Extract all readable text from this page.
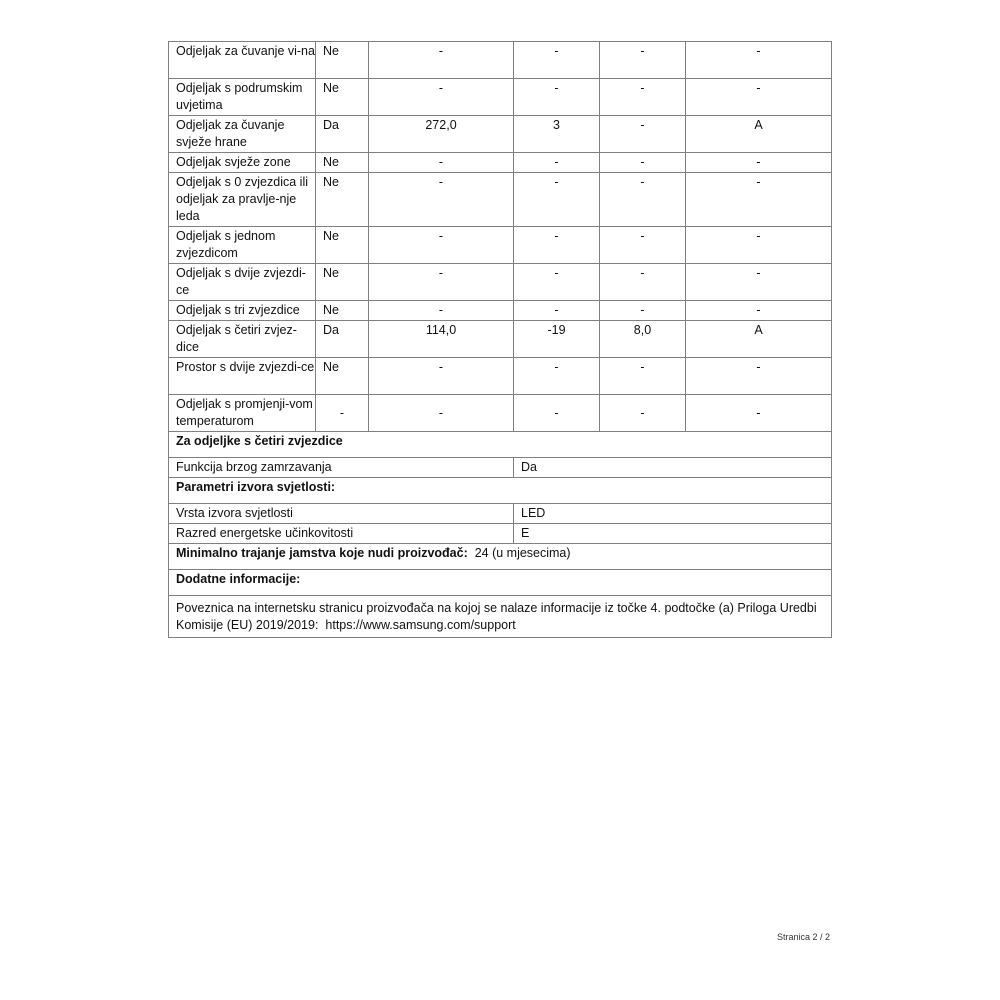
Odjeljak za čuvanje vi-na	Ne	-	-	-	-
Odjeljak s podrumskim uvjetima	Ne	-	-	-	-
Odjeljak za čuvanje svježe hrane	Da	272,0	3	-	A
Odjeljak svježe zone	Ne	-	-	-	-
Odjeljak s 0 zvjezdica ili odjeljak za pravlje-nje leda	Ne	-	-	-	-
Odjeljak s jednom zvjezdicom	Ne	-	-	-	-
Odjeljak s dvije zvjezdi-ce	Ne	-	-	-	-
Odjeljak s tri zvjezdice	Ne	-	-	-	-
Odjeljak s četiri zvjez-dice	Da	114,0	-19	8,0	A
Prostor s dvije zvjezdi-ce	Ne	-	-	-	-
Odjeljak s promjenji-vom temperaturom	-	-	-	-	-
Za odjeljke s četiri zvjezdice					
Funkcija brzog zamrzavanja			Da		
Parametri izvora svjetlosti:					
Vrsta izvora svjetlosti			LED		
Razred energetske učinkovitosti			E		
Minimalno trajanje jamstva koje nudi proizvođač: 24 (u mjesecima)					
Dodatne informacije:					
Poveznica na internetsku stranicu proizvođača na kojoj se nalaze informacije iz točke 4. podtočke (a) Priloga Uredbi Komisije (EU) 2019/2019: https://www.samsung.com/support					
Stranica 2 / 2
